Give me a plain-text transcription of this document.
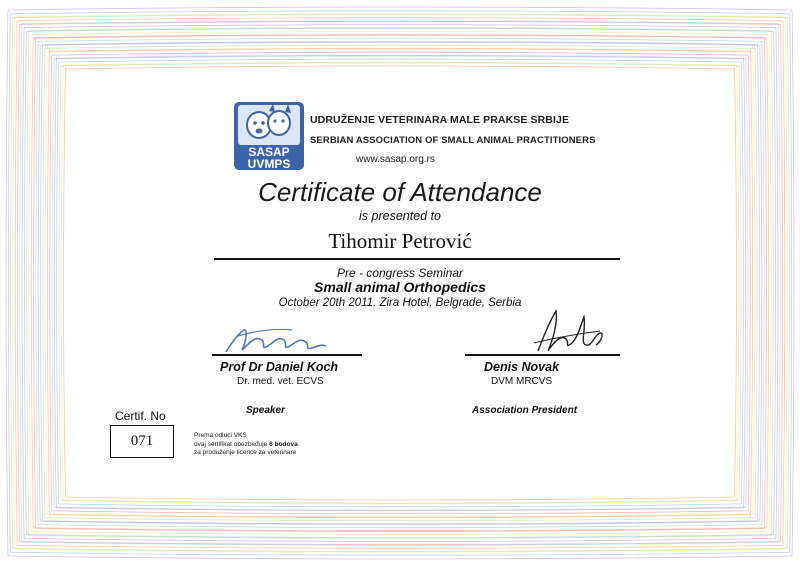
SASAP
UVMPS
UDRUŽENJE VETERINARA MALE PRAKSE SRBIJE
SERBIAN ASSOCIATION OF SMALL ANIMAL PRACTITIONERS
www.sasap.org.rs
Certificate of Attendance
is presented to
Tihomir Petrović
Pre - congress Seminar
Small animal Orthopedics
October 20th 2011. Zira Hotel, Belgrade, Serbia
Prof Dr Daniel Koch
Dr. med. vet. ECVS
Speaker
Denis Novak
DVM MRCVS
Association President
Certif. No
071	Prema odluci VKS
ovaj sertifikat obezbeđuje 6 bodova
za produženje licence za veterinare
